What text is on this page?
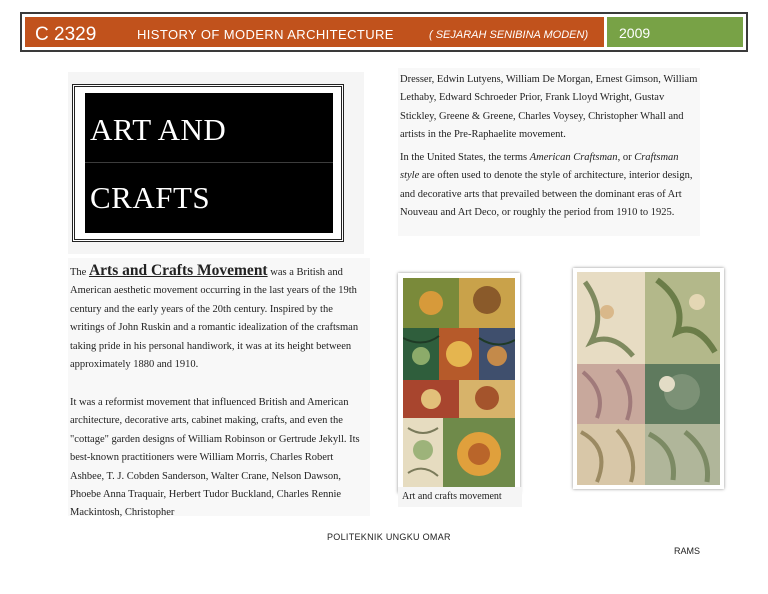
C 2329	HISTORY OF MODERN ARCHITECTURE	( SEJARAH SENIBINA MODEN) 2009
ART AND
CRAFTS
The Arts and Crafts Movement was a British and American aesthetic movement occurring in the last years of the 19th century and the early years of the 20th century. Inspired by the writings of John Ruskin and a romantic idealization of the craftsman taking pride in his personal handiwork, it was at its height between approximately 1880 and 1910.
It was a reformist movement that influenced British and American architecture, decorative arts, cabinet making, crafts, and even the "cottage" garden designs of William Robinson or Gertrude Jekyll. Its best-known practitioners were William Morris, Charles Robert Ashbee, T. J. Cobden Sanderson, Walter Crane, Nelson Dawson, Phoebe Anna Traquair, Herbert Tudor Buckland, Charles Rennie Mackintosh, Christopher
Dresser, Edwin Lutyens, William De Morgan, Ernest Gimson, William Lethaby, Edward Schroeder Prior, Frank Lloyd Wright, Gustav Stickley, Greene & Greene, Charles Voysey, Christopher Whall and artists in the Pre-Raphaelite movement.
In the United States, the terms American Craftsman, or Craftsman style are often used to denote the style of architecture, interior design, and decorative arts that prevailed between the dominant eras of Art Nouveau and Art Deco, or roughly the period from 1910 to 1925.
Art and crafts movement
POLITEKNIK UNGKU OMAR
RAMS
